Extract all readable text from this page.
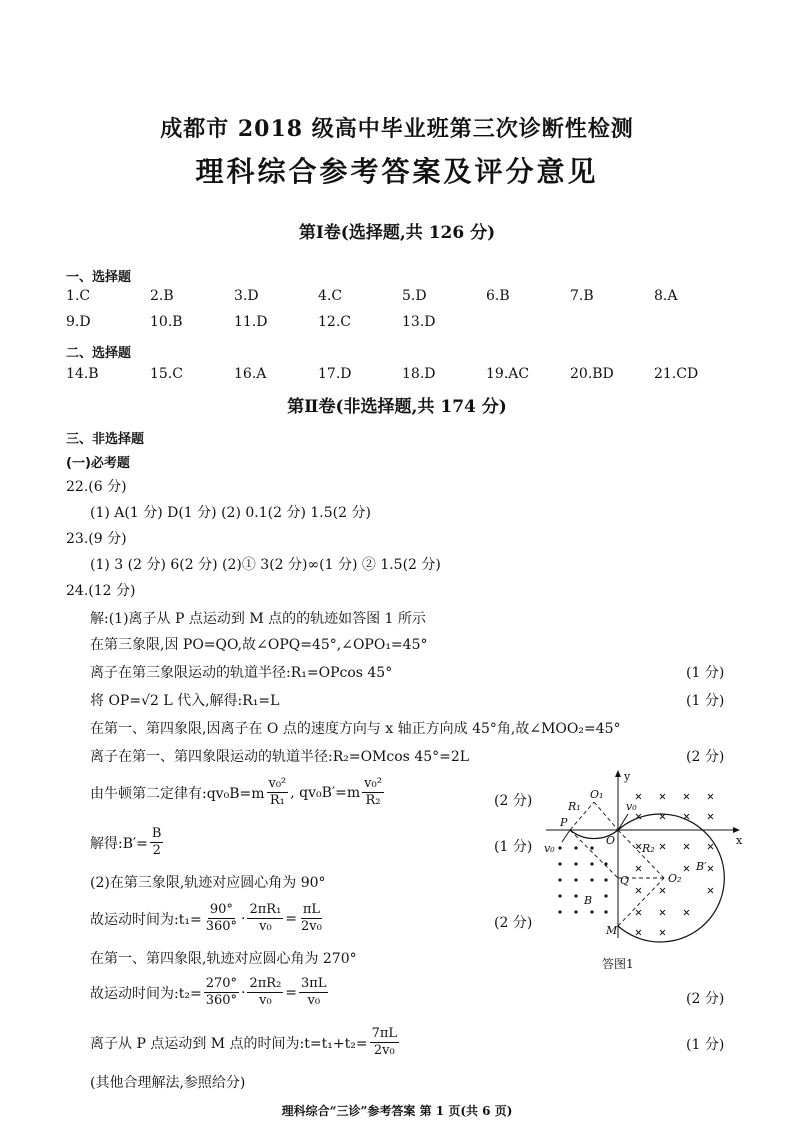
成都市 2018 级高中毕业班第三次诊断性检测
理科综合参考答案及评分意见
第Ⅰ卷(选择题,共 126 分)
一、选择题
1.C	2.B	3.D	4.C	5.D	6.B	7.B	8.A
9.D	10.B	11.D	12.C	13.D
二、选择题
14.B	15.C	16.A	17.D	18.D	19.AC	20.BD	21.CD
第Ⅱ卷(非选择题,共 174 分)
三、非选择题
(一)必考题
22.(6 分)
(1) A(1 分) D(1 分) (2) 0.1(2 分) 1.5(2 分)
23.(9 分)
(1) 3 (2 分) 6(2 分) (2)① 3(2 分)∞(1 分) ② 1.5(2 分)
24.(12 分)
解:(1)离子从 P 点运动到 M 点的的轨迹如答图 1 所示
在第三象限,因 PO=QO,故∠OPQ=45°,∠OPO₁=45°
离子在第三象限运动的轨道半径:R₁=OPcos 45°	(1 分)
将 OP=√2 L 代入,解得:R₁=L	(1 分)
在第一、第四象限,因离子在 O 点的速度方向与 x 轴正方向成 45°角,故∠MOO₂=45°
离子在第一、第四象限运动的轨道半径:R₂=OMcos 45°=2L	(2 分)
由牛顿第二定律有:qv₀B=m $\frac{\text{v₀²}}{\text{R₁}}$ , $qv_0B'=m \frac{\text{v₀²}}{\text{R₂}}$	(2 分)
解得:B′= $\frac{B}{2}$	(1 分)
(2)在第三象限,轨迹对应圆心角为 90°
故运动时间为:t₁= $\frac{90^\circ}{360^\circ} \cdot \frac{\text{2πR₁}}{\text{v₀}} = \frac{\pi L}{\text{2v₀}}$	(2 分)
在第一、第四象限,轨迹对应圆心角为 270°
故运动时间为:t₂= $\frac{270^\circ}{360^\circ} \cdot \frac{\text{2πR₂}}{\text{v₀}} = \frac{3\pi L}{\text{v₀}}$	(2 分)
离子从 P 点运动到 M 点的时间为:t=t₁+t₂= $\frac{7\pi L}{\text{2v₀}}$	(1 分)
(其他合理解法,参照给分)
y
x
O₁
R₁
P
O
v₀
R₂
B′
Q	O₂
B
M
v₀
答图1
理科综合“三诊”参考答案 第 1 页(共 6 页)
